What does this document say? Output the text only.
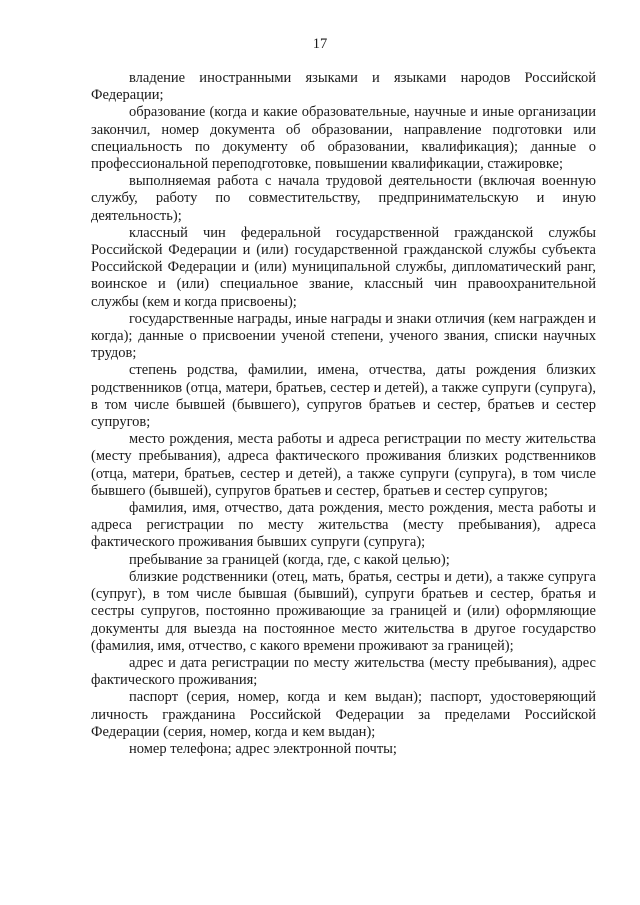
17

владение иностранными языками и языками народов Российской Федерации;

образование (когда и какие образовательные, научные и иные организации закончил, номер документа об образовании, направление подготовки или специальность по документу об образовании, квалификация); данные о профессиональной переподготовке, повышении квалификации, стажировке;

выполняемая работа с начала трудовой деятельности (включая военную службу, работу по совместительству, предпринимательскую и иную деятельность);

классный чин федеральной государственной гражданской службы Российской Федерации и (или) государственной гражданской службы субъекта Российской Федерации и (или) муниципальной службы, дипломатический ранг, воинское и (или) специальное звание, классный чин правоохранительной службы (кем и когда присвоены);

государственные награды, иные награды и знаки отличия (кем награжден и когда); данные о присвоении ученой степени, ученого звания, списки научных трудов;

степень родства, фамилии, имена, отчества, даты рождения близких родственников (отца, матери, братьев, сестер и детей), а также супруги (супруга), в том числе бывшей (бывшего), супругов братьев и сестер, братьев и сестер супругов;

место рождения, места работы и адреса регистрации по месту жительства (месту пребывания), адреса фактического проживания близких родственников (отца, матери, братьев, сестер и детей), а также супруги (супруга), в том числе бывшего (бывшей), супругов братьев и сестер, братьев и сестер супругов;

фамилия, имя, отчество, дата рождения, место рождения, места работы и адреса регистрации по месту жительства (месту пребывания), адреса фактического проживания бывших супруги (супруга);

пребывание за границей (когда, где, с какой целью);

близкие родственники (отец, мать, братья, сестры и дети), а также супруга (супруг), в том числе бывшая (бывший), супруги братьев и сестер, братья и сестры супругов, постоянно проживающие за границей и (или) оформляющие документы для выезда на постоянное место жительства в другое государство (фамилия, имя, отчество, с какого времени проживают за границей);

адрес и дата регистрации по месту жительства (месту пребывания), адрес фактического проживания;

паспорт (серия, номер, когда и кем выдан); паспорт, удостоверяющий личность гражданина Российской Федерации за пределами Российской Федерации (серия, номер, когда и кем выдан);

номер телефона; адрес электронной почты;
